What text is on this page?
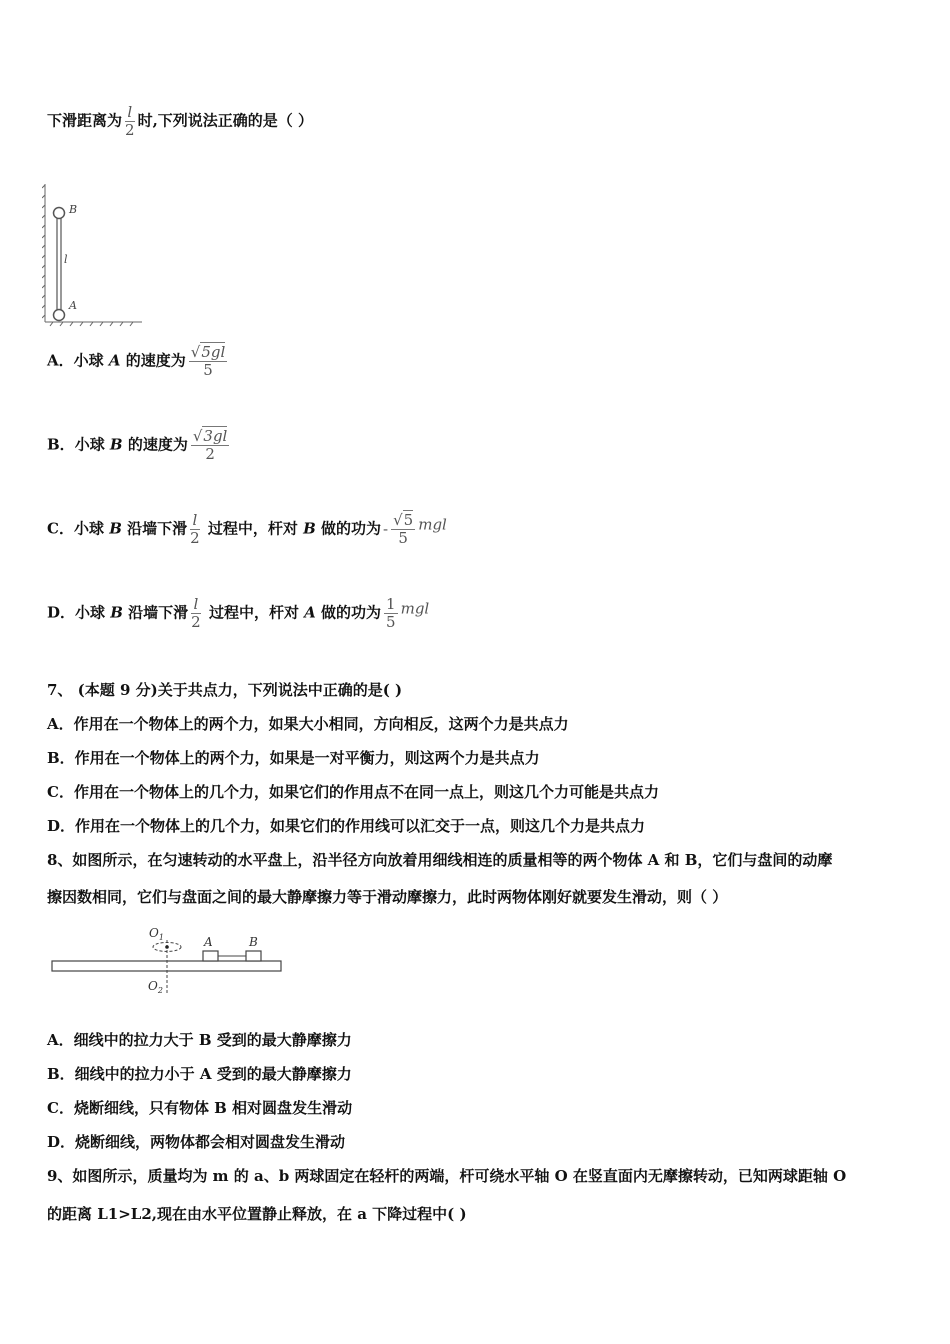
下滑距离为 $\frac{l}{2}$ 时,下列说法正确的是（ ）
B
l
A
A．小球 A 的速度为 $\frac{√5gl}{5}$
B．小球 B 的速度为 $\frac{√3gl}{2}$
C．小球 B 沿墙下滑 $\frac{l}{2}$ 过程中，杆对 B 做的功为 - $\frac{√5}{5}$ mgl
D．小球 B 沿墙下滑 $\frac{l}{2}$ 过程中，杆对 A 做的功为 $\frac{1}{5}$ mgl
7、 (本题 9 分)关于共点力，下列说法中正确的是( )
A．作用在一个物体上的两个力，如果大小相同，方向相反，这两个力是共点力
B．作用在一个物体上的两个力，如果是一对平衡力，则这两个力是共点力
C．作用在一个物体上的几个力，如果它们的作用点不在同一点上，则这几个力可能是共点力
D．作用在一个物体上的几个力，如果它们的作用线可以汇交于一点，则这几个力是共点力
8、如图所示，在匀速转动的水平盘上，沿半径方向放着用细线相连的质量相等的两个物体 A 和 B，它们与盘间的动摩
擦因数相同，它们与盘面之间的最大静摩擦力等于滑动摩擦力，此时两物体刚好就要发生滑动，则（ ）
$O_1$
$O_2$
A	B
A．细线中的拉力大于 B 受到的最大静摩擦力
B．细线中的拉力小于 A 受到的最大静摩擦力
C．烧断细线，只有物体 B 相对圆盘发生滑动
D．烧断细线，两物体都会相对圆盘发生滑动
9、如图所示，质量均为 m 的 a、b 两球固定在轻杆的两端，杆可绕水平轴 O 在竖直面内无摩擦转动，已知两球距轴 O
的距离 L1>L2,现在由水平位置静止释放，在 a 下降过程中( )
